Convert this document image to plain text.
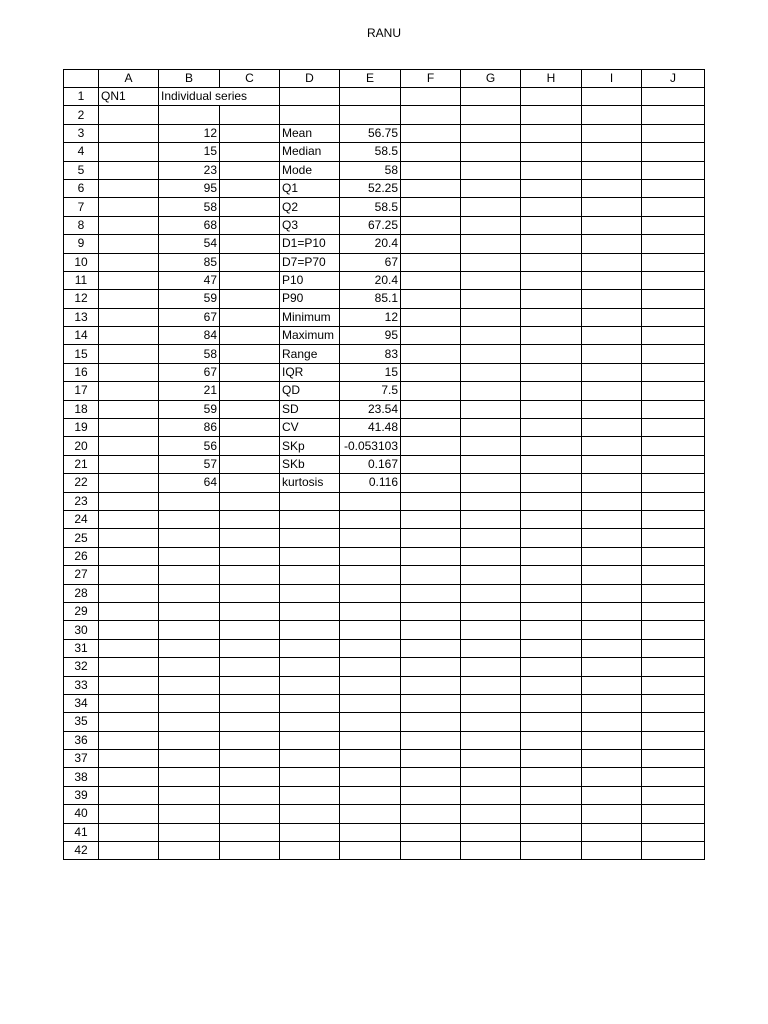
RANU
	A	B	C	D	E	F	G	H	I	J
1	QN1	Individual series								
2										
3		12		Mean	56.75					
4		15		Median	58.5					
5		23		Mode	58					
6		95		Q1	52.25					
7		58		Q2	58.5					
8		68		Q3	67.25					
9		54		D1=P10	20.4					
10		85		D7=P70	67					
11		47		P10	20.4					
12		59		P90	85.1					
13		67		Minimum	12					
14		84		Maximum	95					
15		58		Range	83					
16		67		IQR	15					
17		21		QD	7.5					
18		59		SD	23.54					
19		86		CV	41.48					
20		56		SKp	-0.053103					
21		57		SKb	0.167					
22		64		kurtosis	0.116					
23										
24										
25										
26										
27										
28										
29										
30										
31										
32										
33										
34										
35										
36										
37										
38										
39										
40										
41										
42										
